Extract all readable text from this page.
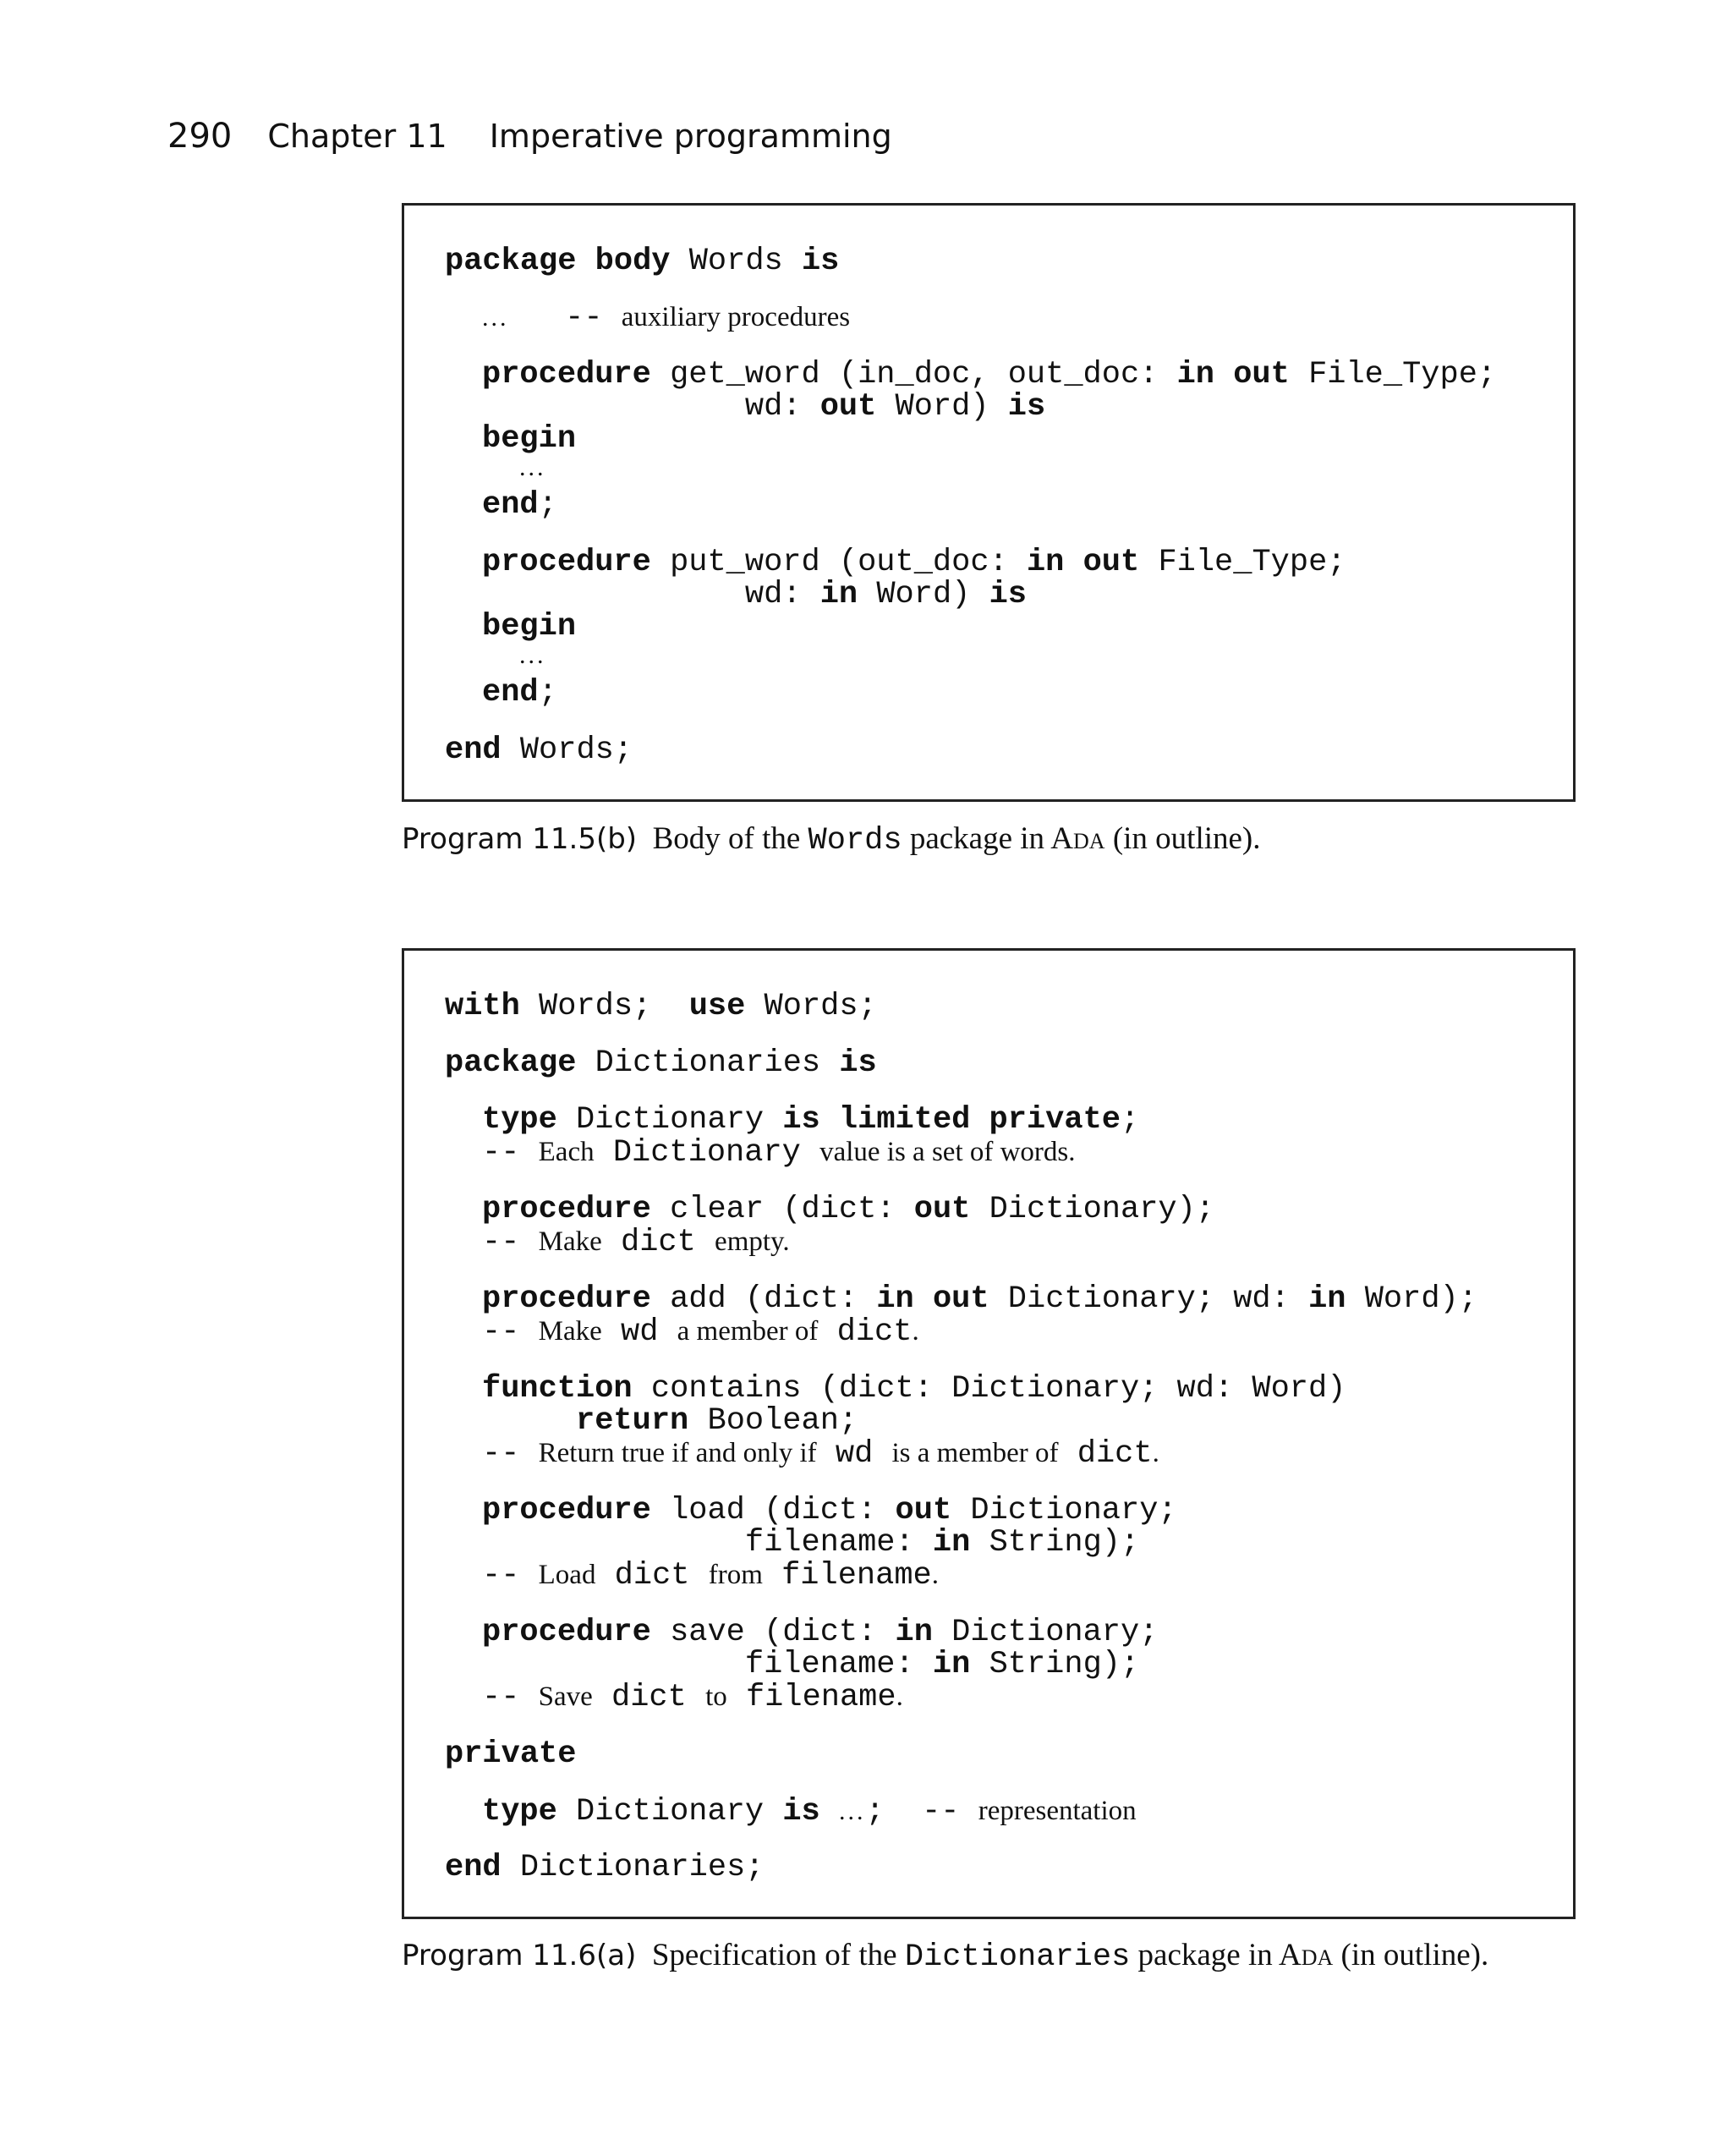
290 Chapter 11 Imperative programming
package body Words is
... -- auxiliary procedures
procedure get_word (in_doc, out_doc: in out File_Type;
wd: out Word) is
begin
...
end;
procedure put_word (out_doc: in out File_Type;
wd: in Word) is
begin
...
end;
end Words;
Program 11.5(b) Body of the Words package in ADA (in outline).
with Words; use Words;
package Dictionaries is
type Dictionary is limited private;
-- Each Dictionary value is a set of words.
procedure clear (dict: out Dictionary);
-- Make dict empty.
procedure add (dict: in out Dictionary; wd: in Word);
-- Make wd a member of dict.
function contains (dict: Dictionary; wd: Word)
return Boolean;
-- Return true if and only if wd is a member of dict.
procedure load (dict: out Dictionary;
filename: in String);
-- Load dict from filename.
procedure save (dict: in Dictionary;
filename: in String);
-- Save dict to filename.
private
type Dictionary is ...; -- representation
end Dictionaries;
Program 11.6(a) Specification of the Dictionaries package in ADA (in outline).
